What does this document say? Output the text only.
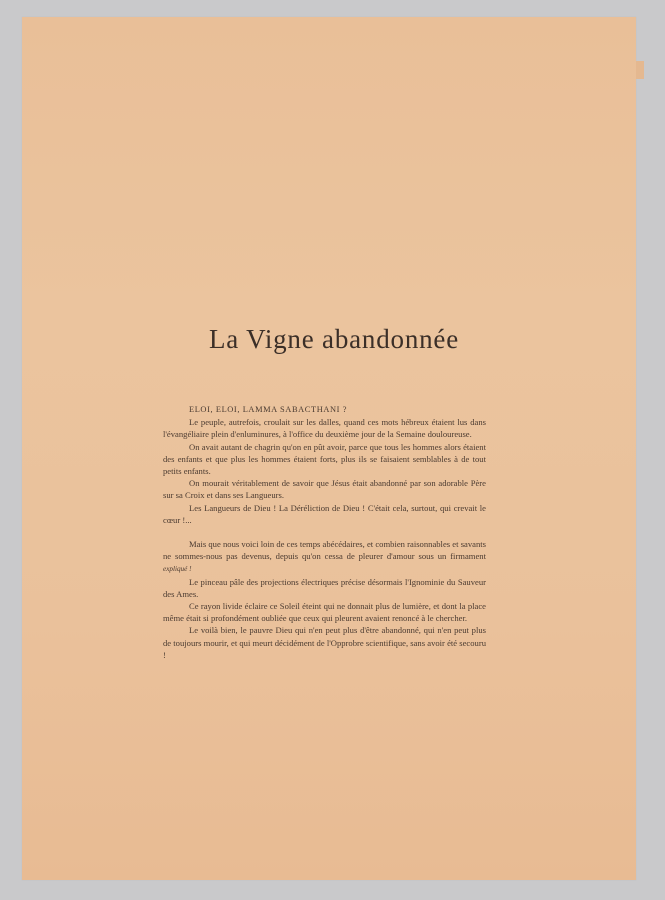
La Vigne abandonnée

ELOI, ELOI, LAMMA SABACTHANI ?

Le peuple, autrefois, croulait sur les dalles, quand ces mots hébreux étaient lus dans l'évangéliaire plein d'enluminures, à l'office du deuxième jour de la Semaine douloureuse.

On avait autant de chagrin qu'on en pût avoir, parce que tous les hommes alors étaient des enfants et que plus les hommes étaient forts, plus ils se faisaient semblables à de tout petits enfants.

On mourait véritablement de savoir que Jésus était abandonné par son adorable Père sur sa Croix et dans ses Langueurs.

Les Langueurs de Dieu ! La Déréliction de Dieu ! C'était cela, surtout, qui crevait le cœur !...

Mais que nous voici loin de ces temps abécédaires, et combien raisonnables et savants ne sommes-nous pas devenus, depuis qu'on cessa de pleurer d'amour sous un firmament expliqué !

Le pinceau pâle des projections électriques précise désormais l'Ignominie du Sauveur des Ames.

Ce rayon livide éclaire ce Soleil éteint qui ne donnait plus de lumière, et dont la place même était si profondément oubliée que ceux qui pleurent avaient renoncé à le chercher.

Le voilà bien, le pauvre Dieu qui n'en peut plus d'être abandonné, qui n'en peut plus de toujours mourir, et qui meurt décidément de l'Opprobre scientifique, sans avoir été secouru !
